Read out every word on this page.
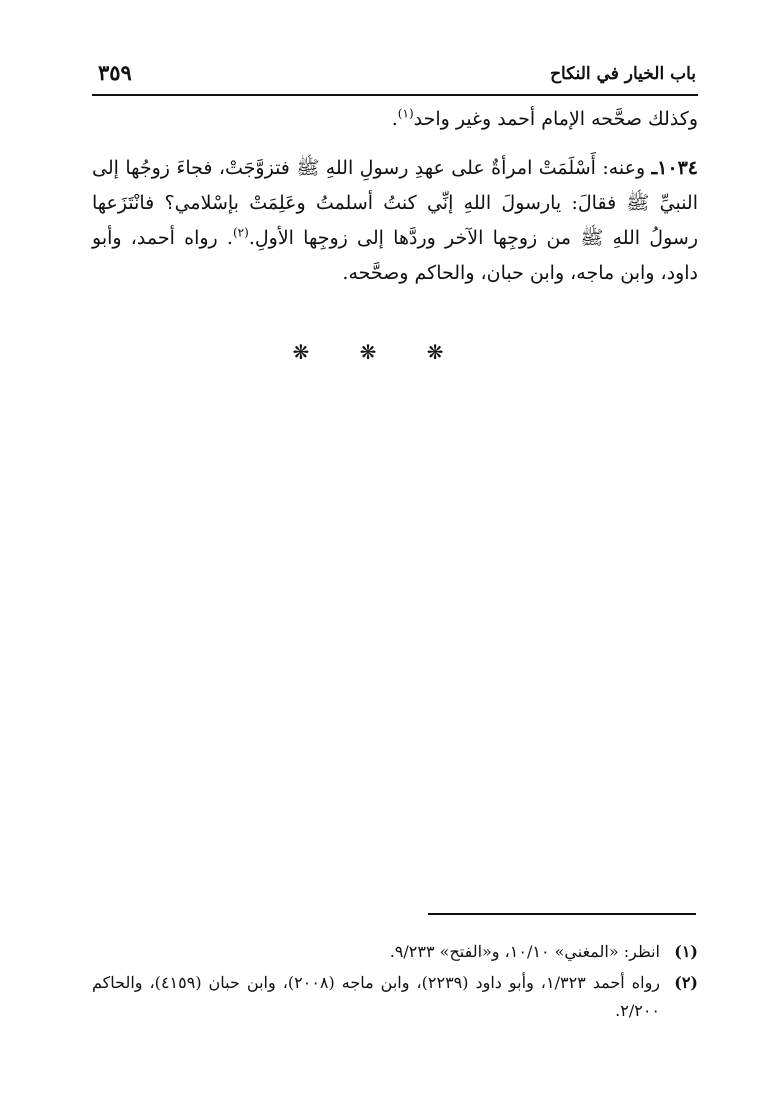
باب الخيار في النكاح
٣٥٩

وكذلك صحَّحه الإمام أحمد وغير واحد$^{(١)}$.

١٠٣٤ـ وعنه: أَسْلَمَتْ امرأةٌ على عهدِ رسولِ اللهِ ﷺ فتزوَّجَتْ، فجاءَ زوجُها إلى النبيِّ ﷺ فقالَ: يارسولَ اللهِ إنِّي كنتُ أسلمتُ وعَلِمَتْ بإسْلامي؟ فانْتَزَعها رسولُ اللهِ ﷺ من زوجِها الآخر وردَّها إلى زوجِها الأولِ.$^{(٢)}$. رواه أحمد، وأبو داود، وابن ماجه، وابن حبان، والحاكم وصحَّحه.

❋ ❋ ❋
(١)
انظر: «المغني» ١٠/١٠، و«الفتح» ٩/٢٣٣.
(٢)
رواه أحمد ١/٣٢٣، وأبو داود (٢٢٣٩)، وابن ماجه (٢٠٠٨)، وابن حبان (٤١٥٩)، والحاكم ٢/٢٠٠.
